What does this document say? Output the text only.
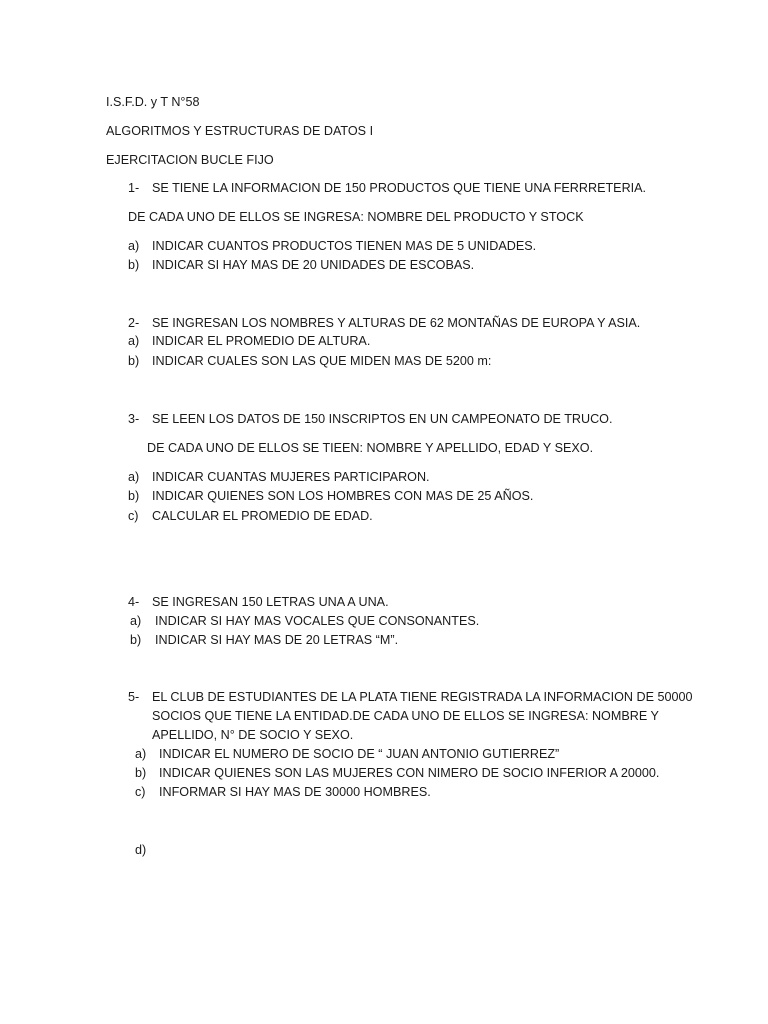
I.S.F.D. y T N°58
ALGORITMOS Y ESTRUCTURAS DE DATOS I
EJERCITACION BUCLE FIJO
1- SE TIENE LA INFORMACION DE 150 PRODUCTOS QUE TIENE UNA FERRRETERIA.
DE CADA UNO DE ELLOS SE INGRESA: NOMBRE DEL PRODUCTO Y STOCK
a) INDICAR CUANTOS PRODUCTOS TIENEN MAS DE 5 UNIDADES.
b) INDICAR SI HAY MAS DE 20 UNIDADES DE ESCOBAS.
2- SE INGRESAN LOS NOMBRES Y ALTURAS DE 62 MONTAÑAS DE EUROPA Y ASIA.
a) INDICAR EL PROMEDIO DE ALTURA.
b) INDICAR CUALES SON LAS QUE MIDEN MAS DE 5200 m:
3- SE LEEN LOS DATOS DE 150 INSCRIPTOS EN UN CAMPEONATO DE TRUCO.
DE CADA UNO DE ELLOS SE TIEEN: NOMBRE Y APELLIDO, EDAD Y SEXO.
a) INDICAR CUANTAS MUJERES PARTICIPARON.
b) INDICAR QUIENES SON LOS HOMBRES CON MAS DE 25 AÑOS.
c) CALCULAR EL PROMEDIO DE EDAD.
4- SE INGRESAN 150 LETRAS UNA A UNA.
a) INDICAR SI HAY MAS VOCALES QUE CONSONANTES.
b) INDICAR SI HAY MAS DE 20 LETRAS “M”.
5- EL CLUB DE ESTUDIANTES DE LA PLATA TIENE REGISTRADA LA INFORMACION DE 50000
SOCIOS QUE TIENE LA ENTIDAD.DE CADA UNO DE ELLOS SE INGRESA: NOMBRE Y
APELLIDO, N° DE SOCIO Y SEXO.
a) INDICAR EL NUMERO DE SOCIO DE “ JUAN ANTONIO GUTIERREZ”
b) INDICAR QUIENES SON LAS MUJERES CON NIMERO DE SOCIO INFERIOR A 20000.
c) INFORMAR SI HAY MAS DE 30000 HOMBRES.
d)
